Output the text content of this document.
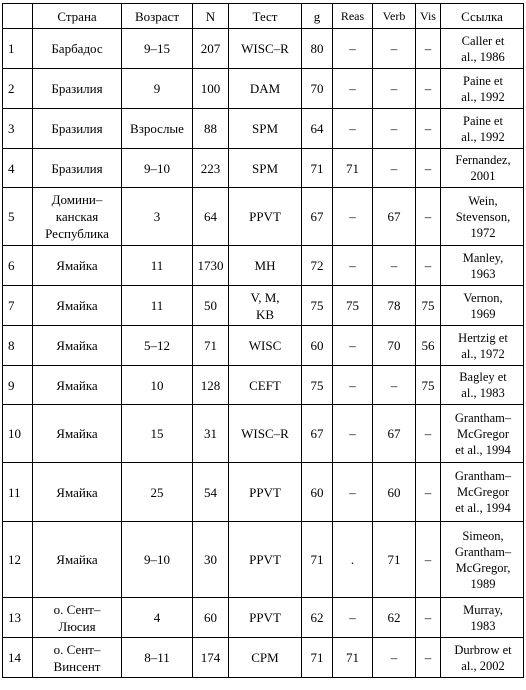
	Страна	Возраст	N	Тест	g	Reas	Verb	Vis	Ссылка
1	Барбадос	9–15	207	WISC–R	80	–	–	–	Caller et
al., 1986
2	Бразилия	9	100	DAM	70	–	–	–	Paine et
al., 1992
3	Бразилия	Взрослые	88	SPM	64	–	–	–	Paine et
al., 1992
4	Бразилия	9–10	223	SPM	71	71	–	–	Fernandez,
2001
5	Домини–
канская
Республика	3	64	PPVT	67	–	67	–	Wein,
Stevenson,
1972
6	Ямайка	11	1730	MH	72	–	–	–	Manley,
1963
7	Ямайка	11	50	V, M,
KB	75	75	78	75	Vernon,
1969
8	Ямайка	5–12	71	WISC	60	–	70	56	Hertzig et
al., 1972
9	Ямайка	10	128	CEFT	75	–	–	75	Bagley et
al., 1983
10	Ямайка	15	31	WISC–R	67	–	67	–	Grantham–
McGregor
et al., 1994
11	Ямайка	25	54	PPVT	60	–	60	–	Grantham–
McGregor
et al., 1994
12	Ямайка	9–10	30	PPVT	71	.	71	–	Simeon,
Grantham–
McGregor,
1989
13	о. Сент–
Люсия	4	60	PPVT	62	–	62	–	Murray,
1983
14	о. Сент–
Винсент	8–11	174	CPM	71	71	–	–	Durbrow et
al., 2002
